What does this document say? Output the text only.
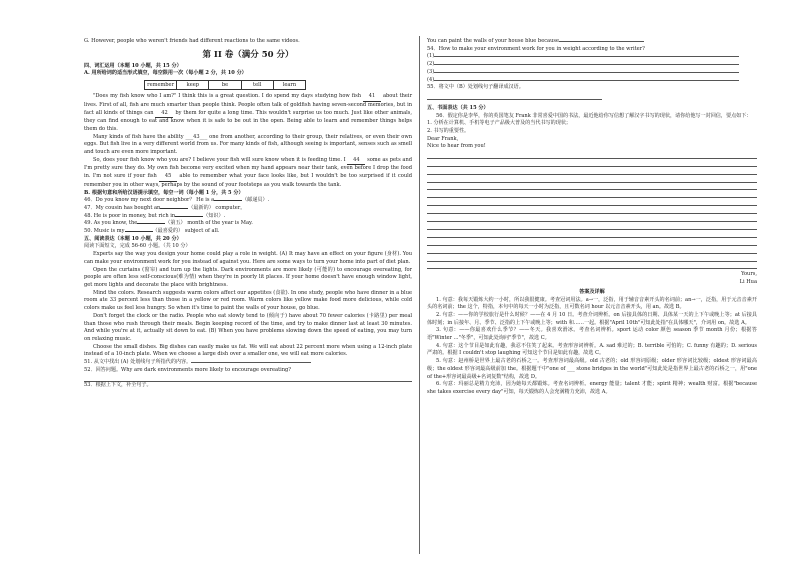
G. However, people who weren't friends had different reactions to the same videos.

第 II 卷（满分 50 分）

四、词汇运用（本题 10 小题，共 15 分）

A. 用所给词的适当形式填空，每空限用一次（每小题 2 分，共 10 分）

remember	keep	be	tell	learn

"Does my fish know who I am?" I think this is a great question. I do spend my days studying how fish 41 about their lives. First of all, fish are much smarter than people think. People often talk of goldfish having seven-second memories, but in fact all kinds of things can 42 by them for quite a long time. This wouldn't surprise us too much. Just like other animals, they can find enough to eat and know when it is safe to be out in the open. Being able to learn and remember things helps them do this.

Many kinds of fish have the ability ___43___ one from another, according to their group, their relatives, or even their own eggs. But fish live in a very different world from us. For many kinds of fish, although seeing is important, senses such as smell and touch are even more important.

So, does your fish know who you are? I believe your fish will sure know when it is feeding time. I 44 some as pets and I'm pretty sure they do. My own fish become very excited when my hand appears near their tank, even before I drop the food in. I'm not sure if your fish 45 able to remember what your face looks like, but I wouldn't be too surprised if it could remember you in other ways, perhaps by the sound of your footsteps as you walk towards the tank.

B. 根据句意和所给汉语提示填空，每空一词（每小题 1 分，共 5 分）

46．Do you know my next door neighbor？ He is a	（邮递员）.

47．My cousin has bought an	（最新的） computer。

48. He is poor in money, but rich in	（知识）.

49. As you know, the	（第五） month of the year is May.

50. Music is my	（最喜爱的） subject of all.

五、阅读表达（本题 10 小题，共 20 分）

阅读下面短文，完成 56-60 小题。（共 10 分）

Experts say the way you design your home could play a role in weight. (A) It may have an effect on your figure (身材). You can make your environment work for you instead of against you. Here are some ways to turn your home into part of diet plan.

Open the curtains (窗帘) and turn up the lights. Dark environments are more likely (可能的) to encourage overeating, for people are often less self-conscious(难为情) when they're in poorly lit places. If your home doesn't have enough window light, get more lights and decorate the place with brightness.

Mind the colors. Research suggests warm colors affect our appetites (食欲). In one study, people who have dinner in a blue room ate 33 percent less than those in a yellow or red room. Warm colors like yellow make food more delicious, while cold colors make us feel less hungry. So when it's time to paint the walls of your house, go blue.

Don't forget the clock or the radio. People who eat slowly tend to (倾向于) have about 70 fewer calories (卡路里) per meal than those who rush through their meals. Begin keeping record of the time, and try to make dinner last at least 30 minutes. And while you're at it, actually sit down to eat. (B) When you have problems slowing down the speed of eating, you may turn on relaxing music.

Choose the small dishes. Big dishes can easily make us fat. We will eat about 22 percent more when using a 12-inch plate instead of a 10-inch plate. When we choose a large dish over a smaller one, we will eat more calories.

51. 从文中找出 (A) 处划线句子所指代的内容。

52．回答问题。Why are dark environments more likely to encourage overeating?

53．根据上下文，补全句子。

You can paint the walls of your house blue because

54．How to make your environment work for you in weight according to the writer?

(1)

(2)

(3)

(4)

55．将文中（B）处划线句子翻译成汉语。

五、书面表达（共 15 分）

56．假定你是李华，你的英国笔友 Frank 非常喜爱中国的书法，最近他给你写信想了解汉字书写的现状，请你给他写一封回信，要点如下：

1. 分析在计算机、手机等电子产品极大普及的当代书写的现状；

2. 书写的重要性。

Dear Frank,

Nice to hear from you!

Yours,

Li Hua

答案及详解

1. 句意：我每天锻炼大约一小时，所以我很健康。考查冠词用法。a→一，泛指，用于辅音音素开头的名词前；an→一，泛指，用于元音音素开头的名词前；the 这个，特指，本句中的每天一小时为泛指，且可数名词 hour 以元音音素开头，用 an。故选 B。

2. 句意：——你的学校旅行是什么时候？——在 4 月 10 日。考查介词辨析。on 后接具体的日期、具体某一天的上下午或晚上等；at 后接具体时刻；in 后接年、月、季节、泛指的上下午或晚上等；with 和……一起。根据"April 10th"可知此处指"在具体哪天"，介词用 on。故选 A。

3. 句意：——你最喜欢什么季节？——冬天。我喜欢滑冰。考查名词辨析。sport 运动 color 颜色 season 季节 month 月份；根据答语"Winter ..."冬季"，可知此处询问"季节"，故选 C。

4. 句意：这个节目是如此有趣，我忍不住笑了起来。考查形容词辨析。A. sad 难过的；B. terrible 可怕的；C. funny 有趣的；D. serious 严肃的。根据 I couldn't stop laughing 可知这个节目是如此有趣，故选 C。

5. 句意：赵州桥是世界上最古老的石桥之一。考查形容词最高级。old 古老的；old 形容词原级；older 形容词比较级；oldest 形容词最高级；the oldest 形容词最高级前加 the。根据题干中"one of ___ stone bridges in the world"可知此处是指世界上最古老的石桥之一，用"one of the+形容词最高级+名词复数"结构，故选 D。

6. 句意：玛丽总是精力充沛，因为她每天都锻炼。考查名词辨析。energy 能量；talent 才能；spirit 精神；wealth 财富。根据"because she takes exercise every day"可知，每天锻炼的人会充满精力充沛，故选 A。
